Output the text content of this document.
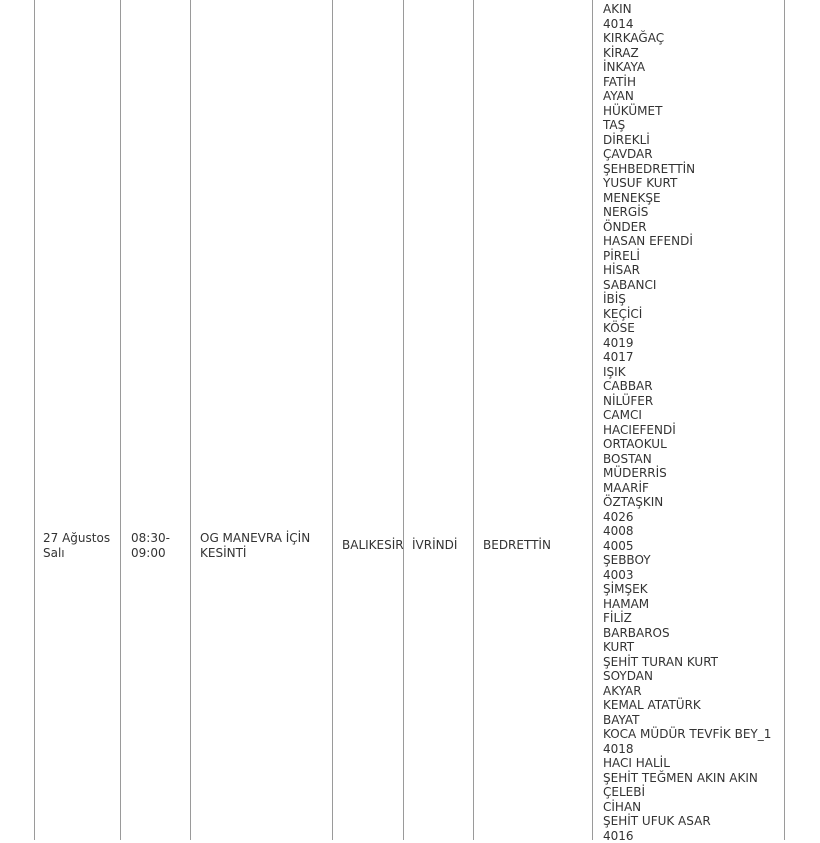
27 Ağustos
Salı
08:30-
09:00
OG MANEVRA İÇİN
KESİNTİ
BALIKESİR İVRİNDİ BEDRETTİN
AKIN
4014
KIRKAĞAÇ
KİRAZ
İNKAYA
FATİH
AYAN
HÜKÜMET
TAŞ
DİREKLİ
ÇAVDAR
ŞEHBEDRETTİN
YUSUF KURT
MENEKŞE
NERGİS
ÖNDER
HASAN EFENDİ
PİRELİ
HİSAR
SABANCI
İBİŞ
KEÇİCİ
KÖSE
4019
4017
IŞIK
CABBAR
NİLÜFER
CAMCI
HACIEFENDİ
ORTAOKUL
BOSTAN
MÜDERRİS
MAARİF
ÖZTAŞKIN
4026
4008
4005
ŞEBBOY
4003
ŞİMŞEK
HAMAM
FİLİZ
BARBAROS
KURT
ŞEHİT TURAN KURT
SOYDAN
AKYAR
KEMAL ATATÜRK
BAYAT
KOCA MÜDÜR TEVFİK BEY_1
4018
HACI HALİL
ŞEHİT TEĞMEN AKIN AKIN
ÇELEBİ
CİHAN
ŞEHİT UFUK ASAR
4016
